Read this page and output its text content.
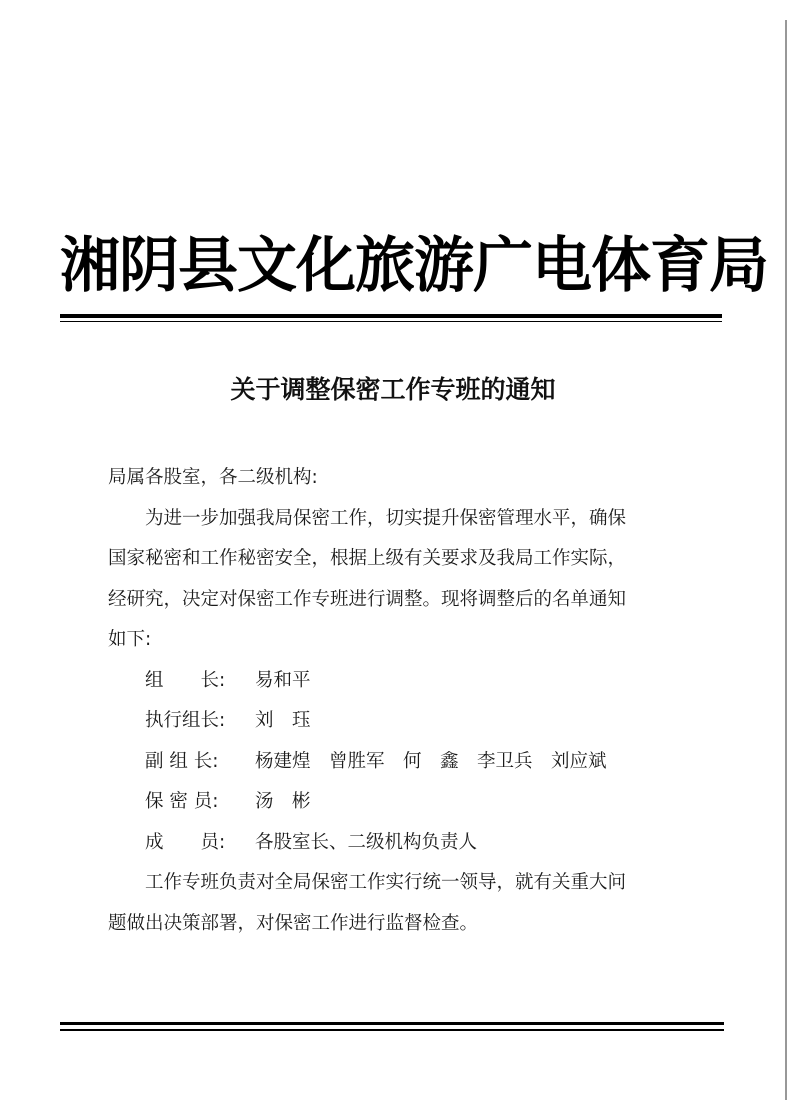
湘阴县文化旅游广电体育局
关于调整保密工作专班的通知
局属各股室，各二级机构:
为进一步加强我局保密工作，切实提升保密管理水平，确保
国家秘密和工作秘密安全，根据上级有关要求及我局工作实际，
经研究，决定对保密工作专班进行调整。现将调整后的名单通知
如下:
组　　长: 易和平
执行组长: 刘　珏
副 组 长: 杨建煌　曾胜军　何　鑫　李卫兵　刘应斌
保 密 员: 汤　彬
成　　员: 各股室长、二级机构负责人
工作专班负责对全局保密工作实行统一领导，就有关重大问
题做出决策部署，对保密工作进行监督检查。
